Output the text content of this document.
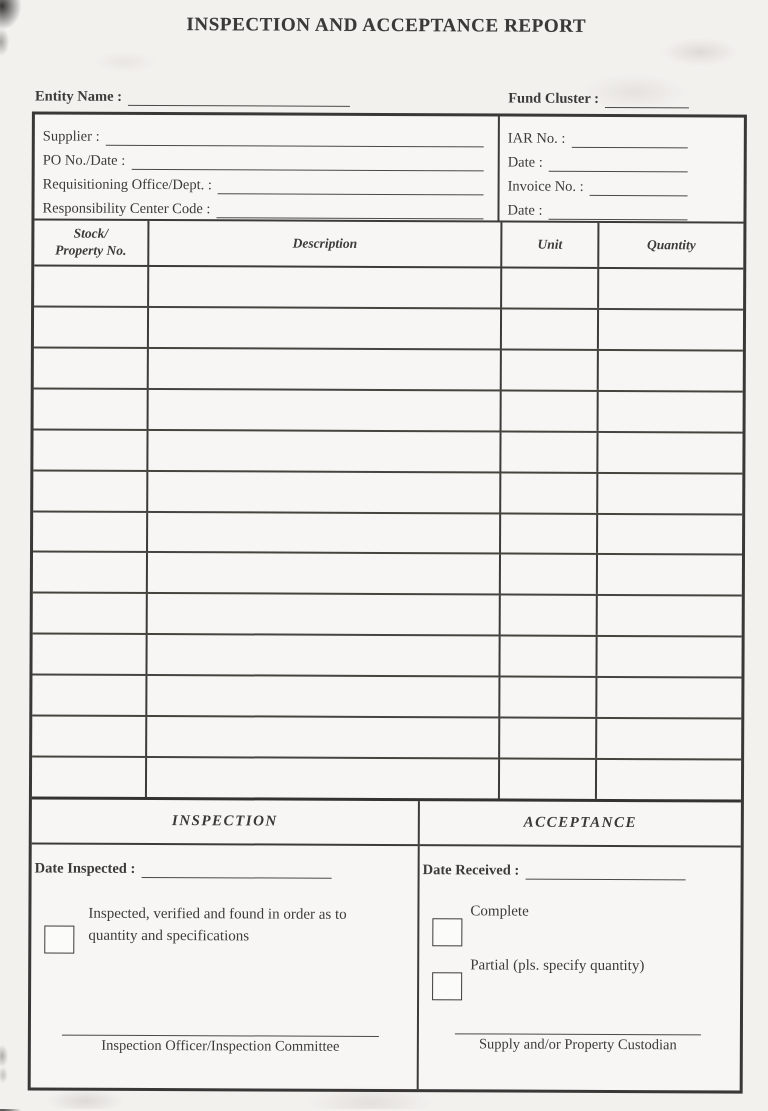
INSPECTION AND ACCEPTANCE REPORT
Entity Name :	Fund Cluster :
Supplier :
PO No./Date :
Requisitioning Office/Dept. :
Responsibility Center Code :
IAR No. :
Date :
Invoice No. :
Date :
Stock/
Property No.	Description	Unit	Quantity
INSPECTION	ACCEPTANCE
Date Inspected :
Inspected, verified and found in order as to quantity and specifications
Inspection Officer/Inspection Committee
Date Received :
Complete
Partial (pls. specify quantity)
Supply and/or Property Custodian
